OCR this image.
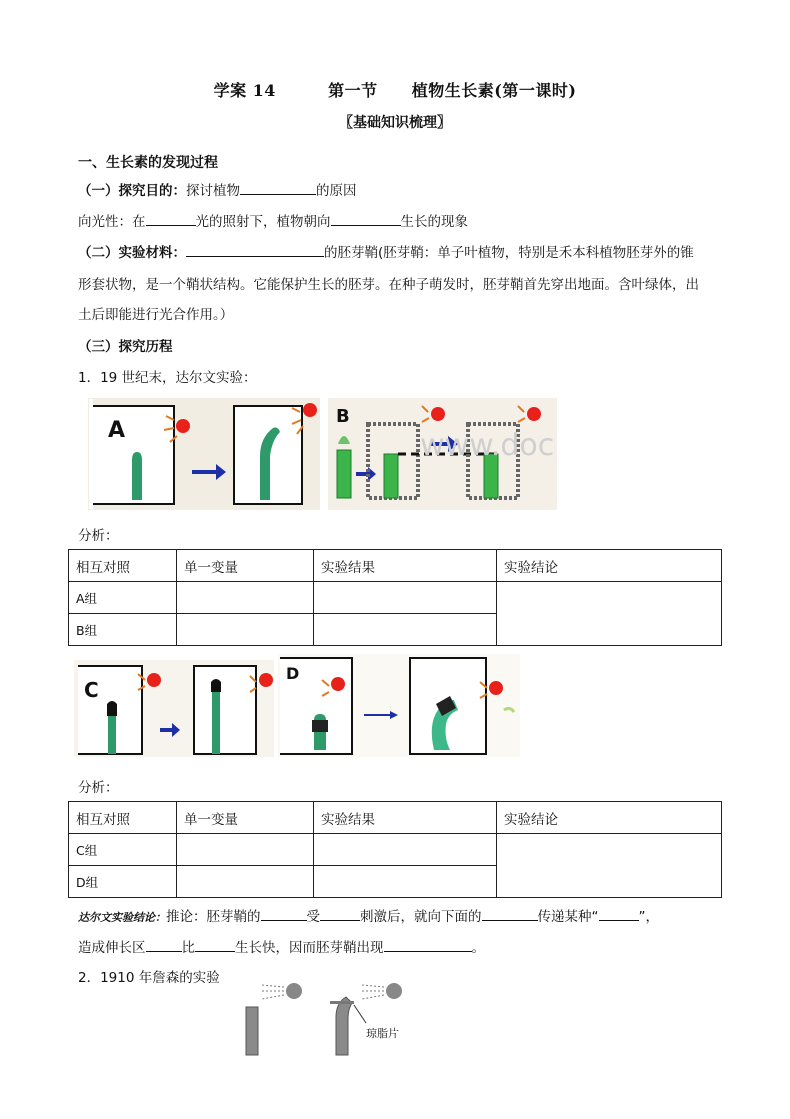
学案 14	第一节 植物生长素(第一课时)
〖基础知识梳理〗
一、生长素的发现过程
（一）探究目的：探讨植物	的原因
向光性：在	光的照射下，植物朝向	生长的现象
（二）实验材料：	的胚芽鞘(胚芽鞘：单子叶植物，特别是禾本科植物胚芽外的锥
形套状物，是一个鞘状结构。它能保护生长的胚芽。在种子萌发时，胚芽鞘首先穿出地面。含叶绿体，出
土后即能进行光合作用。）
（三）探究历程
1．19 世纪末，达尔文实验：
A
B
www.doc
分析：
相互对照	单一变量	实验结果	实验结论
A组			
B组			
C
D
分析：
相互对照	单一变量	实验结果	实验结论
C组			
D组			
达尔文实验结论：推论：胚芽鞘的	受	刺激后，就向下面的	传递某种“	”，
造成伸长区	比	生长快，因而胚芽鞘出现	。
2．1910 年詹森的实验
琼脂片
